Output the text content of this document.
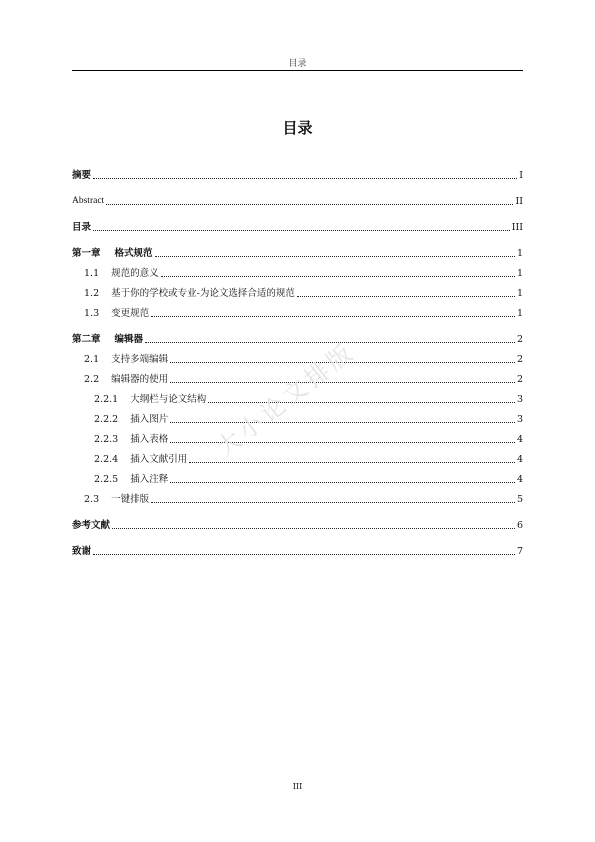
目录
目录
摘要	I
Abstract	II
目录	III
第一章 格式规范	1
1.1 规范的意义	1
1.2 基于你的学校或专业-为论文选择合适的规范	1
1.3 变更规范	1
第二章 编辑器	2
2.1 支持多端编辑	2
2.2 编辑器的使用	2
2.2.1 大纲栏与论文结构	3
2.2.2 插入图片	3
2.2.3 插入表格	4
2.2.4 插入文献引用	4
2.2.5 插入注释	4
2.3 一键排版	5
参考文献	6
致谢	7
大小论文排版
III
